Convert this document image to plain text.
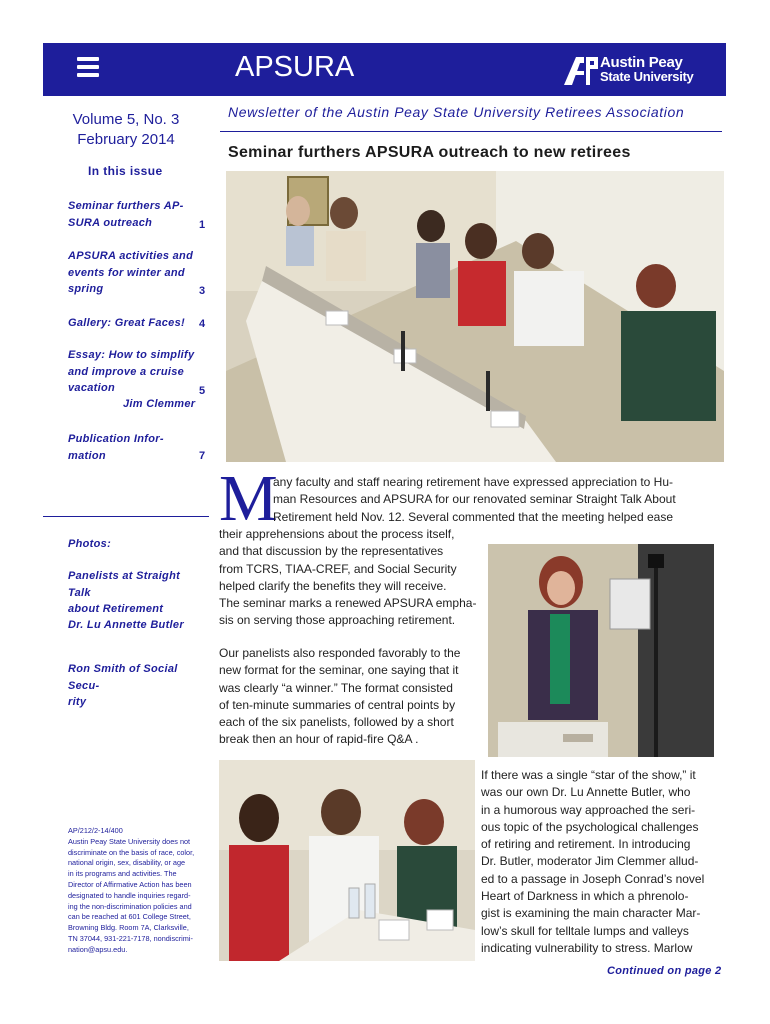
APSURA	Austin Peay
State University
Volume 5, No. 3
February 2014
In this issue
Seminar furthers AP-
SURA outreach	1
APSURA activities and
events for winter and
spring	3
Gallery: Great Faces!	4
Essay: How to simplify
and improve a cruise
vacation	5
Jim Clemmer
Publication Infor-
mation	7
Photos:
Panelists at Straight Talk
about Retirement
Dr. Lu Annette Butler
Ron Smith of Social Secu-
rity
AP/212/2-14/400
Austin Peay State University does not
discriminate on the basis of race, color,
national origin, sex, disability, or age
in its programs and activities. The
Director of Affirmative Action has been
designated to handle inquiries regard-
ing the non-discrimination policies and
can be reached at 601 College Street,
Browning Bldg. Room 7A, Clarksville,
TN 37044, 931-221-7178, nondiscrimi-
nation@apsu.edu.
Newsletter of the Austin Peay State University Retirees Association
Seminar furthers APSURA outreach to new retirees
M
any faculty and staff nearing retirement have expressed appreciation to Hu-
man Resources and APSURA for our renovated seminar Straight Talk About
Retirement held Nov. 12. Several commented that the meeting helped ease
their apprehensions about the process itself,
and that discussion by the representatives
from TCRS, TIAA-CREF, and Social Security
helped clarify the benefits they will receive.
The seminar marks a renewed APSURA empha-
sis on serving those approaching retirement.
Our panelists also responded favorably to the
new format for the seminar, one saying that it
was clearly “a winner.” The format consisted
of ten-minute summaries of central points by
each of the six panelists, followed by a short
break then an hour of rapid-fire Q&A .
If there was a single “star of the show,” it
was our own Dr. Lu Annette Butler, who
in a humorous way approached the seri-
ous topic of the psychological challenges
of retiring and retirement. In introducing
Dr. Butler, moderator Jim Clemmer allud-
ed to a passage in Joseph Conrad’s novel
Heart of Darkness in which a phrenolo-
gist is examining the main character Mar-
low’s skull for telltale lumps and valleys
indicating vulnerability to stress. Marlow
Continued on page 2
